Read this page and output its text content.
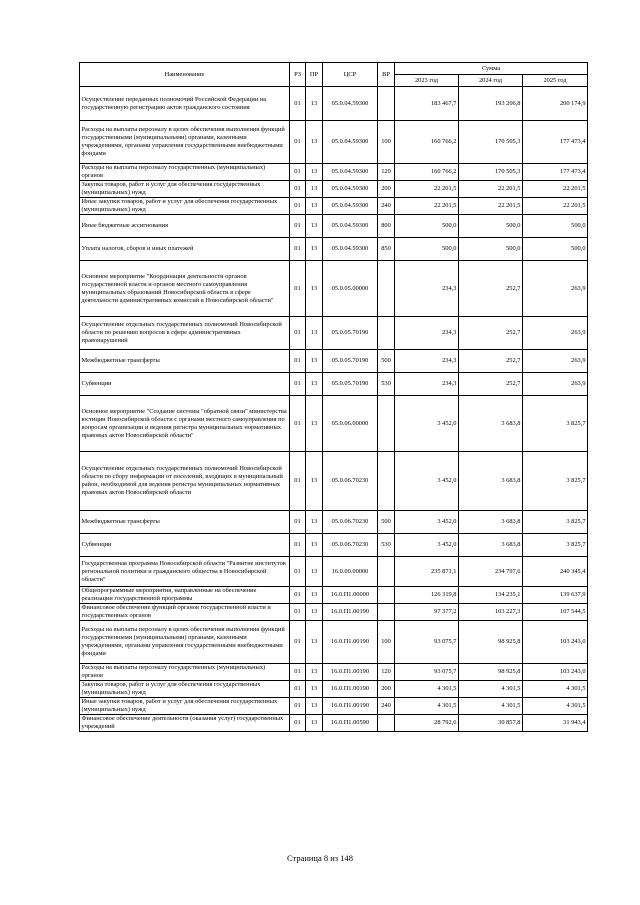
Наименование	РЗ	ПР	ЦСР	ВР	Сумма		
					2023 год	2024 год	2025 год
Осуществление переданных полномочий Российской Федерации на государственную регистрацию актов гражданского состояния	01	13	05.0.04.59300		183 467,7	193 206,8	200 174,9
Расходы на выплаты персоналу в целях обеспечения выполнения функций государственными (муниципальными) органами, казенными учреждениями, органами управления государственными внебюджетными фондами	01	13	05.0.04.59300	100	160 766,2	170 505,3	177 473,4
Расходы на выплаты персоналу государственных (муниципальных) органов	01	13	05.0.04.59300	120	160 766,2	170 505,3	177 473,4
Закупка товаров, работ и услуг для обеспечения государственных (муниципальных) нужд	01	13	05.0.04.59300	200	22 201,5	22 201,5	22 201,5
Иные закупки товаров, работ и услуг для обеспечения государственных (муниципальных) нужд	01	13	05.0.04.59300	240	22 201,5	22 201,5	22 201,5
Иные бюджетные ассигнования	01	13	05.0.04.59300	800	500,0	500,0	500,0
Уплата налогов, сборов и иных платежей	01	13	05.0.04.59300	850	500,0	500,0	500,0
Основное мероприятие "Координация деятельности органов государственной власти и органов местного самоуправления муниципальных образований Новосибирской области в сфере деятельности административных комиссий в Новосибирской области"	01	13	05.0.05.00000		234,3	252,7	263,9
Осуществление отдельных государственных полномочий Новосибирской области по решению вопросов в сфере административных правонарушений	01	13	05.0.05.70190		234,3	252,7	263,9
Межбюджетные трансферты	01	13	05.0.05.70190	500	234,3	252,7	263,9
Субвенции	01	13	05.0.05.70190	530	234,3	252,7	263,9
Основное мероприятие "Создание системы "обратной связи" министерства юстиции Новосибирской области с органами местного самоуправления по вопросам организации и ведения регистра муниципальных нормативных правовых актов Новосибирской области"	01	13	05.0.06.00000		3 452,0	3 683,8	3 825,7
Осуществление отдельных государственных полномочий Новосибирской области по сбору информации от поселений, входящих в муниципальный район, необходимой для ведения регистра муниципальных нормативных правовых актов Новосибирской области	01	13	05.0.06.70230		3 452,0	3 683,8	3 825,7
Межбюджетные трансферты	01	13	05.0.06.70230	500	3 452,0	3 683,8	3 825,7
Субвенции	01	13	05.0.06.70230	530	3 452,0	3 683,8	3 825,7
Государственная программа Новосибирской области "Развитие институтов региональной политики и гражданского общества в Новосибирской области"	01	13	16.0.00.00000		235 871,1	234 797,6	240 345,4
Общепрограммные мероприятия, направленные на обеспечение реализации государственной программы	01	13	16.0.П1.00000		126 319,8	134 235,1	139 637,9
Финансовое обеспечение функций органов государственной власти и государственных органов	01	13	16.0.П1.00190		97 377,2	103 227,3	107 544,5
Расходы на выплаты персоналу в целях обеспечения выполнения функций государственными (муниципальными) органами, казенными учреждениями, органами управления государственными внебюджетными фондами	01	13	16.0.П1.00190	100	93 075,7	98 925,8	103 243,0
Расходы на выплаты персоналу государственных (муниципальных) органов	01	13	16.0.П1.00190	120	93 075,7	98 925,8	103 243,0
Закупка товаров, работ и услуг для обеспечения государственных (муниципальных) нужд	01	13	16.0.П1.00190	200	4 301,5	4 301,5	4 301,5
Иные закупки товаров, работ и услуг для обеспечения государственных (муниципальных) нужд	01	13	16.0.П1.00190	240	4 301,5	4 301,5	4 301,5
Финансовое обеспечение деятельности (оказания услуг) государственных учреждений	01	13	16.0.П1.00590		28 792,6	30 857,8	31 943,4
Страница 8 из 148
